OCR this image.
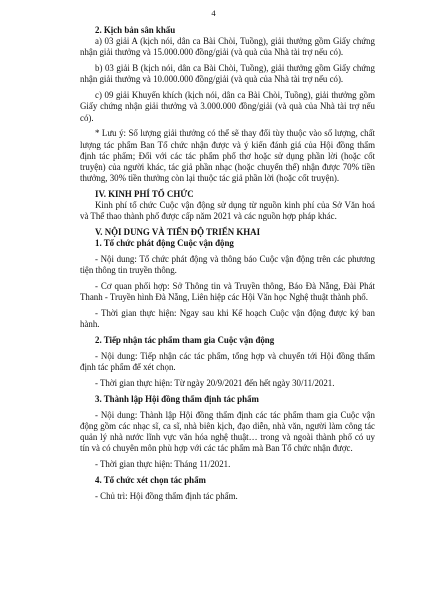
4

2. Kịch bản sân khấu

a) 03 giải A (kịch nói, dân ca Bài Chòi, Tuồng), giải thưởng gồm Giấy chứng nhận giải thưởng và 15.000.000 đồng/giải (và quà của Nhà tài trợ nếu có).

b) 03 giải B (kịch nói, dân ca Bài Chòi, Tuồng), giải thưởng gồm Giấy chứng nhận giải thưởng và 10.000.000 đồng/giải (và quà của Nhà tài trợ nếu có).

c) 09 giải Khuyến khích (kịch nói, dân ca Bài Chòi, Tuồng), giải thưởng gồm Giấy chứng nhận giải thưởng và 3.000.000 đồng/giải (và quà của Nhà tài trợ nếu có).

* Lưu ý: Số lượng giải thưởng có thể sẽ thay đổi tùy thuộc vào số lượng, chất lượng tác phẩm Ban Tổ chức nhận được và ý kiến đánh giá của Hội đồng thẩm định tác phẩm; Đối với các tác phẩm phổ thơ hoặc sử dụng phần lời (hoặc cốt truyện) của người khác, tác giả phần nhạc (hoặc chuyển thể) nhận được 70% tiền thưởng, 30% tiền thưởng còn lại thuộc tác giả phần lời (hoặc cốt truyện).

IV. KINH PHÍ TỔ CHỨC

Kinh phí tổ chức Cuộc vận động sử dụng từ nguồn kinh phí của Sở Văn hoá và Thể thao thành phố được cấp năm 2021 và các nguồn hợp pháp khác.

V. NỘI DUNG VÀ TIẾN ĐỘ TRIỂN KHAI

1. Tổ chức phát động Cuộc vận động

- Nội dung: Tổ chức phát động và thông báo Cuộc vận động trên các phương tiện thông tin truyền thông.

- Cơ quan phối hợp: Sở Thông tin và Truyền thông, Báo Đà Nẵng, Đài Phát Thanh - Truyền hình Đà Nẵng, Liên hiệp các Hội Văn học Nghệ thuật thành phố.

- Thời gian thực hiện: Ngay sau khi Kế hoạch Cuộc vận động được ký ban hành.

2. Tiếp nhận tác phẩm tham gia Cuộc vận động

- Nội dung: Tiếp nhận các tác phẩm, tổng hợp và chuyển tới Hội đồng thẩm định tác phẩm để xét chọn.

- Thời gian thực hiện: Từ ngày 20/9/2021 đến hết ngày 30/11/2021.

3. Thành lập Hội đồng thẩm định tác phẩm

- Nội dung: Thành lập Hội đồng thẩm định các tác phẩm tham gia Cuộc vận động gồm các nhạc sĩ, ca sĩ, nhà biên kịch, đạo diễn, nhà văn, người làm công tác quản lý nhà nước lĩnh vực văn hóa nghệ thuật… trong và ngoài thành phố có uy tín và có chuyên môn phù hợp với các tác phẩm mà Ban Tổ chức nhận được.

- Thời gian thực hiện: Tháng 11/2021.

4. Tổ chức xét chọn tác phẩm

- Chủ trì: Hội đồng thẩm định tác phẩm.
